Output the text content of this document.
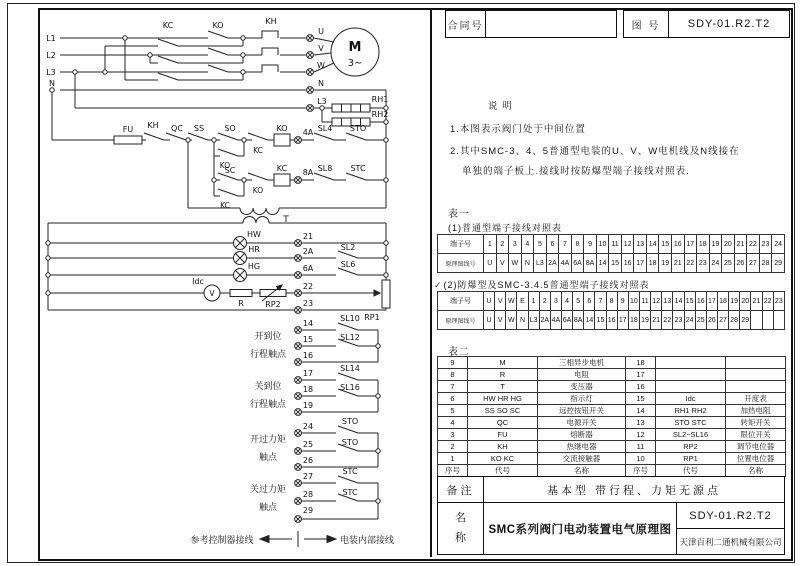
L1
L2
L3
N
KC	KO	KH
U
V
W
N
L3
M
3~
RH1
RH2
FU KH QC SS	SO
KO
KC
KO 4A SL4 STO
SC
KC
KO
KC 8A SL8 STC
T
HW
HR
HG
21
2A
6A
SL2
SL6
Idc
V
R	RP2
22
RP1
23
开到位
行程触点
14
15
16
SL10
SL12
关到位
行程触点
17
18
19
SL14
SL16
开过力矩
触点
24
25
26
STO
STO
关过力矩
触点
27
28
29
STC
STC
参考控制器接线	电装内部接线
合同号	图 号	SDY-01.R2.T2
说 明
1.本图表示阀门处于中间位置
2.其中SMC-3、4、5普通型电装的U、V、W电机线及N线接在
单独的端子板上.接线时按防爆型端子接线对照表.
表一
(1)普通型端子接线对照表
端子号	1	2	3	4	5	6	7	8	9	10	11	12	13	14	15	16	17	18	19	20	21	22	23	24
原理图线号	U	V	W	N	L3	2A	4A	6A	8A	14	15	16	17	18	19	21	22	23	24	25	26	27	28	29
✓(2)防爆型及SMC-3.4.5普通型端子接线对照表
端子号	U	V	W	E	1	2	3	4	5	6	7	8	9	10	11	12	13	14	15	16	17	18	19	20	21	22	23
原理图线号	U	V	W	N	L3	2A	4A	6A	8A	14	15	16	17	18	19	21	22	23	24	25	26	27	28	29			
表二
9	M	三相异步电机	18		
8	R	电阻	17		
7	T	变压器	16		
6	HW HR HG	指示灯	15	Idc	开度表
5	SS SO SC	远控按钮开关	14	RH1 RH2	加热电阻
4	QC	电源开关	13	STO STC	转矩开关
3	FU	熔断器	12	SL2~SL16	限位开关
2	KH	热继电器	11	RP2	调节电位器
1	KO KC	交流接触器	10	RP1	位置电位器
序号	代号	名称	序号	代号	名称
备注	基本型 带行程、力矩无源点
名称
SMC系列阀门电动装置电气原理图
SDY-01.R2.T2
天津百利二通机械有限公司
